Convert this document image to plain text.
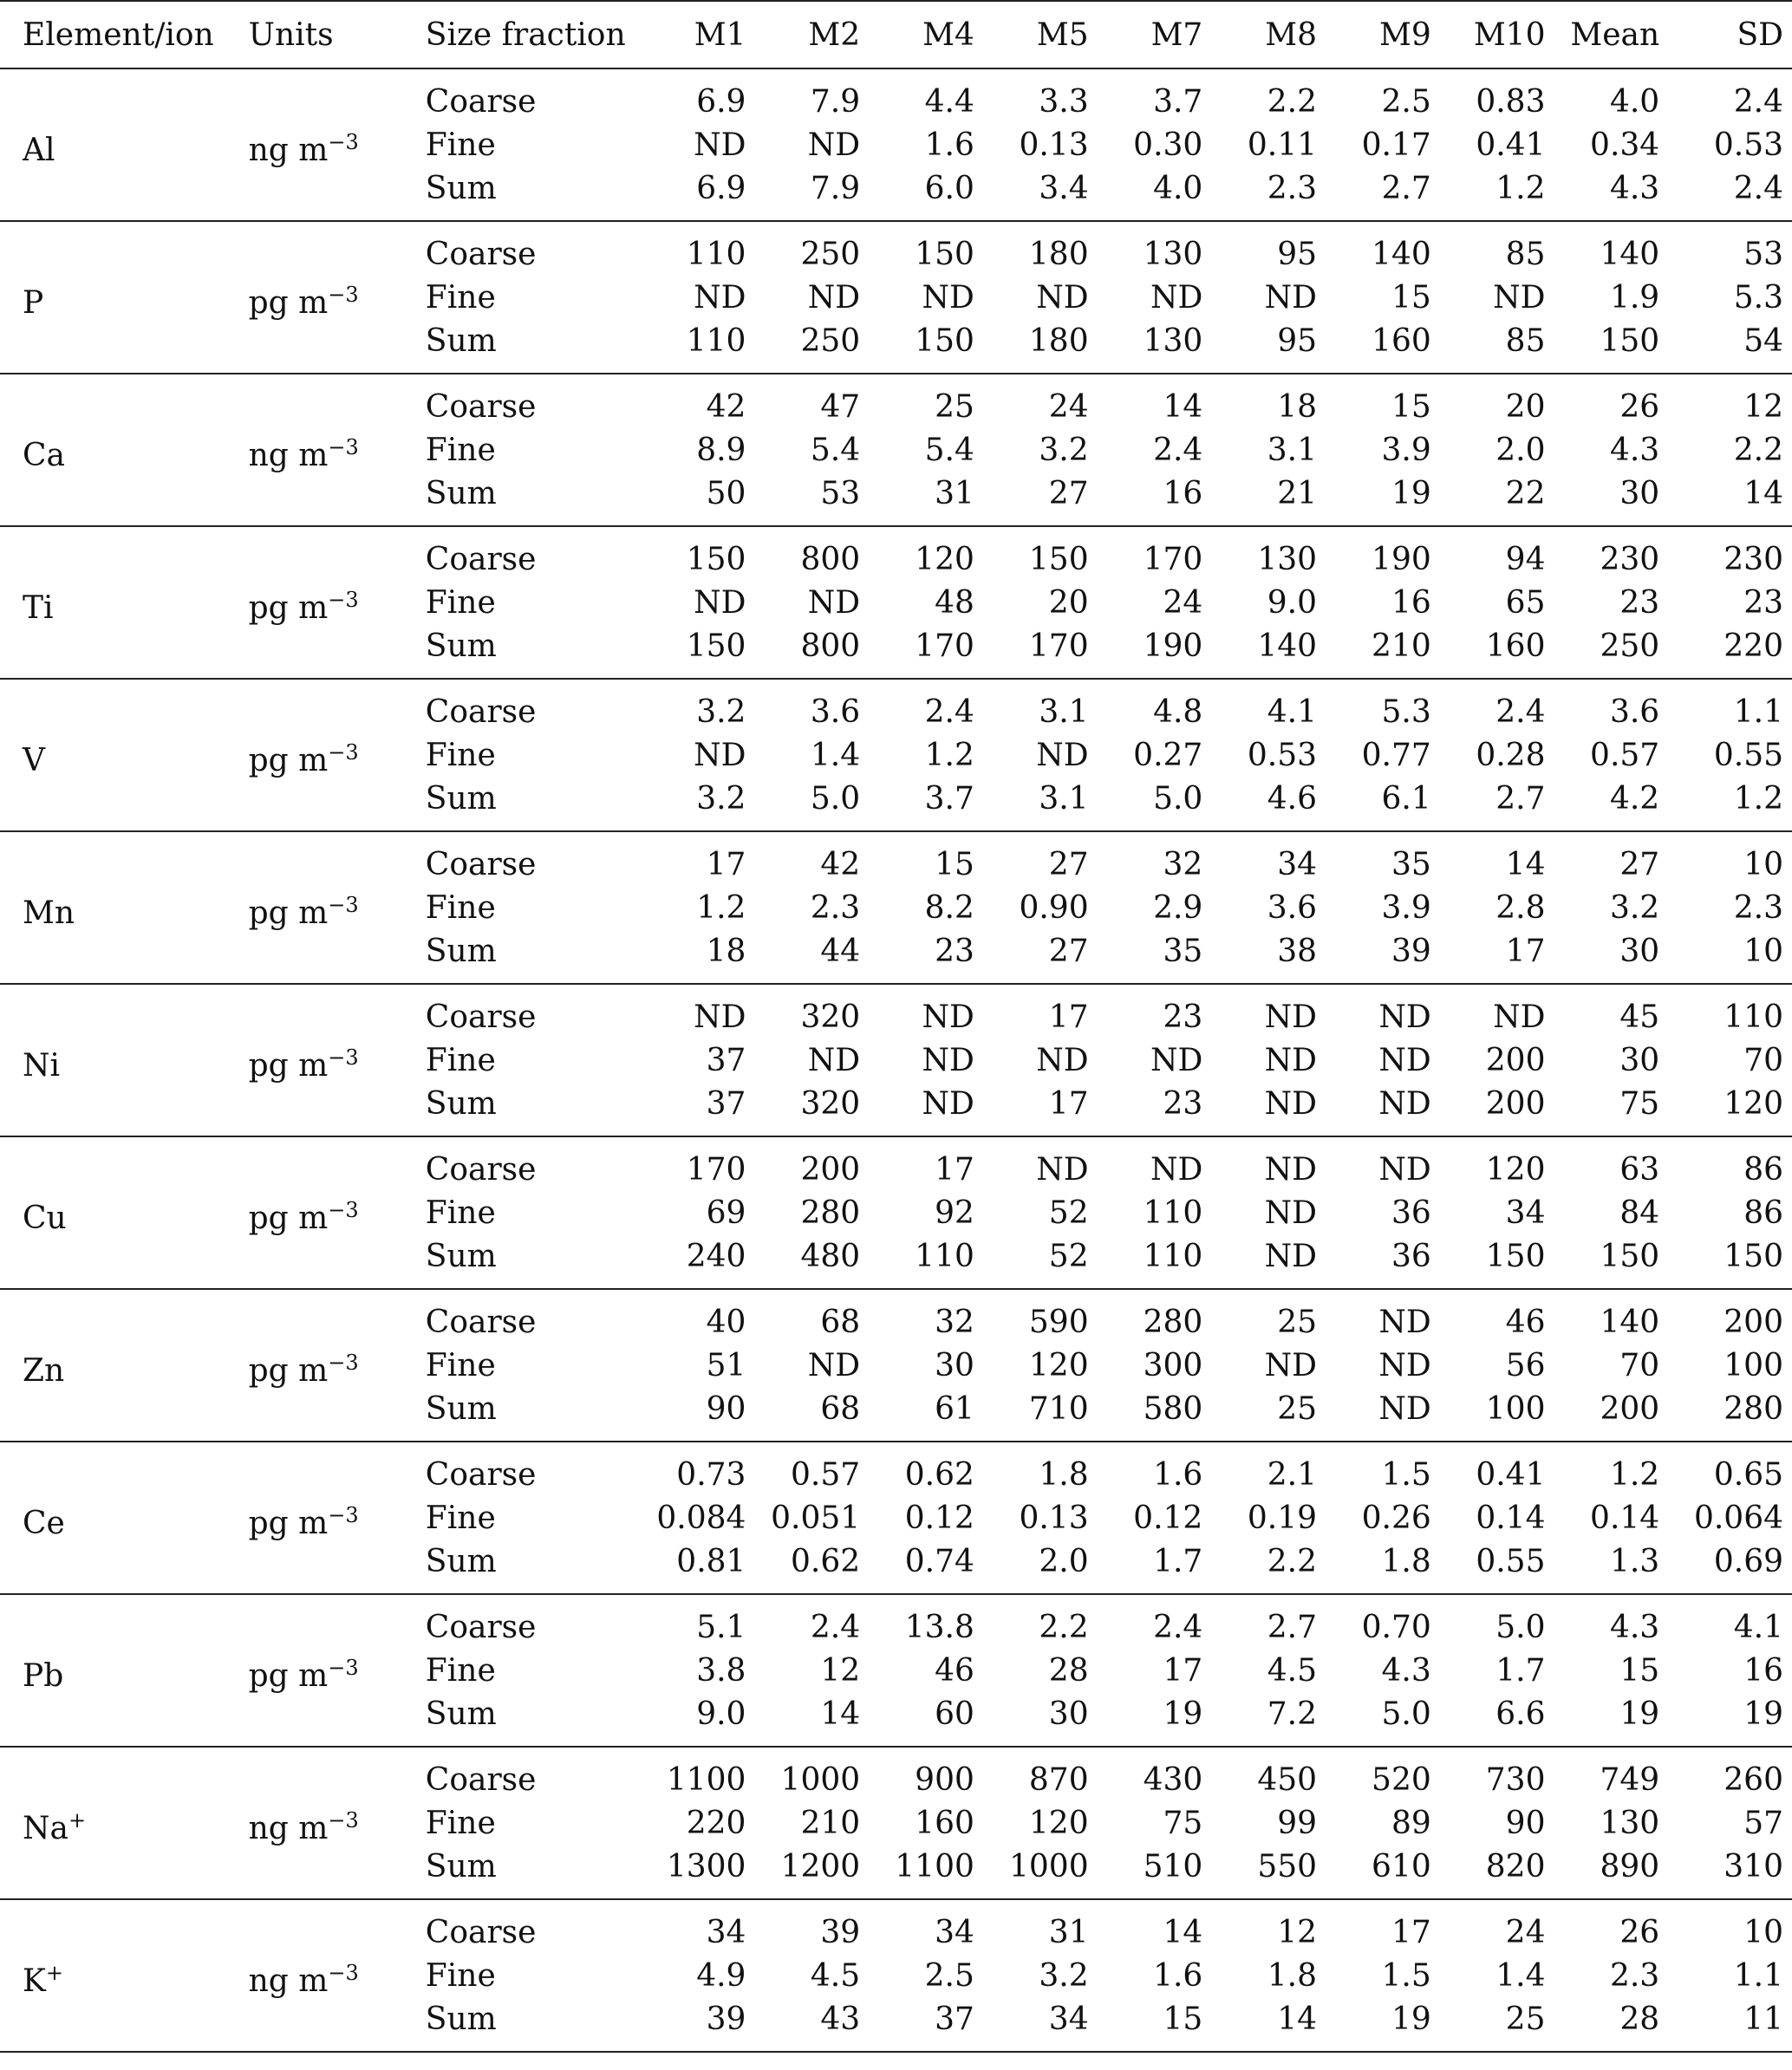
Element/ion	Units	Size fraction	M1	M2	M4	M5	M7	M8	M9	M10	Mean	SD
Al	ng $m^{-3}$	Coarse	6.9	7.9	4.4	3.3	3.7	2.2	2.5	0.83	4.0	2.4
		Fine	ND	ND	1.6	0.13	0.30	0.11	0.17	0.41	0.34	0.53
		Sum	6.9	7.9	6.0	3.4	4.0	2.3	2.7	1.2	4.3	2.4
P	pg $m^{-3}$	Coarse	110	250	150	180	130	95	140	85	140	53
		Fine	ND	ND	ND	ND	ND	ND	15	ND	1.9	5.3
		Sum	110	250	150	180	130	95	160	85	150	54
Ca	ng $m^{-3}$	Coarse	42	47	25	24	14	18	15	20	26	12
		Fine	8.9	5.4	5.4	3.2	2.4	3.1	3.9	2.0	4.3	2.2
		Sum	50	53	31	27	16	21	19	22	30	14
Ti	pg $m^{-3}$	Coarse	150	800	120	150	170	130	190	94	230	230
		Fine	ND	ND	48	20	24	9.0	16	65	23	23
		Sum	150	800	170	170	190	140	210	160	250	220
V	pg $m^{-3}$	Coarse	3.2	3.6	2.4	3.1	4.8	4.1	5.3	2.4	3.6	1.1
		Fine	ND	1.4	1.2	ND	0.27	0.53	0.77	0.28	0.57	0.55
		Sum	3.2	5.0	3.7	3.1	5.0	4.6	6.1	2.7	4.2	1.2
Mn	pg $m^{-3}$	Coarse	17	42	15	27	32	34	35	14	27	10
		Fine	1.2	2.3	8.2	0.90	2.9	3.6	3.9	2.8	3.2	2.3
		Sum	18	44	23	27	35	38	39	17	30	10
Ni	pg $m^{-3}$	Coarse	ND	320	ND	17	23	ND	ND	ND	45	110
		Fine	37	ND	ND	ND	ND	ND	ND	200	30	70
		Sum	37	320	ND	17	23	ND	ND	200	75	120
Cu	pg $m^{-3}$	Coarse	170	200	17	ND	ND	ND	ND	120	63	86
		Fine	69	280	92	52	110	ND	36	34	84	86
		Sum	240	480	110	52	110	ND	36	150	150	150
Zn	pg $m^{-3}$	Coarse	40	68	32	590	280	25	ND	46	140	200
		Fine	51	ND	30	120	300	ND	ND	56	70	100
		Sum	90	68	61	710	580	25	ND	100	200	280
Ce	pg $m^{-3}$	Coarse	0.73	0.57	0.62	1.8	1.6	2.1	1.5	0.41	1.2	0.65
		Fine	0.084	0.051	0.12	0.13	0.12	0.19	0.26	0.14	0.14	0.064
		Sum	0.81	0.62	0.74	2.0	1.7	2.2	1.8	0.55	1.3	0.69
Pb	pg $m^{-3}$	Coarse	5.1	2.4	13.8	2.2	2.4	2.7	0.70	5.0	4.3	4.1
		Fine	3.8	12	46	28	17	4.5	4.3	1.7	15	16
		Sum	9.0	14	60	30	19	7.2	5.0	6.6	19	19
Na+	ng $m^{-3}$	Coarse	1100	1000	900	870	430	450	520	730	749	260
		Fine	220	210	160	120	75	99	89	90	130	57
		Sum	1300	1200	1100	1000	510	550	610	820	890	310
K+	ng $m^{-3}$	Coarse	34	39	34	31	14	12	17	24	26	10
		Fine	4.9	4.5	2.5	3.2	1.6	1.8	1.5	1.4	2.3	1.1
		Sum	39	43	37	34	15	14	19	25	28	11
